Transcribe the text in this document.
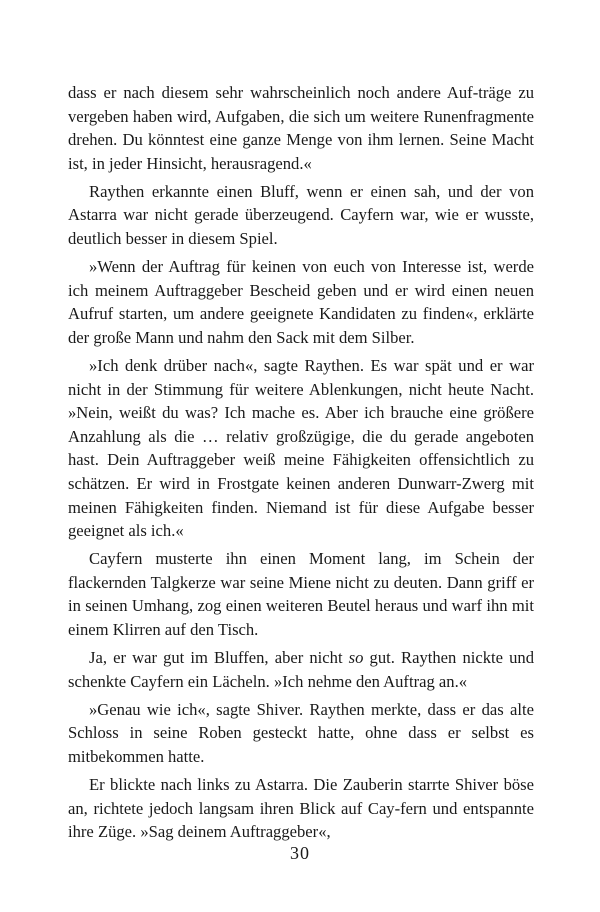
dass er nach diesem sehr wahrscheinlich noch andere Auf-träge zu vergeben haben wird, Aufgaben, die sich um weitere Runenfragmente drehen. Du könntest eine ganze Menge von ihm lernen. Seine Macht ist, in jeder Hinsicht, herausragend.«

Raythen erkannte einen Bluff, wenn er einen sah, und der von Astarra war nicht gerade überzeugend. Cayfern war, wie er wusste, deutlich besser in diesem Spiel.

»Wenn der Auftrag für keinen von euch von Interesse ist, werde ich meinem Auftraggeber Bescheid geben und er wird einen neuen Aufruf starten, um andere geeignete Kandidaten zu finden«, erklärte der große Mann und nahm den Sack mit dem Silber.

»Ich denk drüber nach«, sagte Raythen. Es war spät und er war nicht in der Stimmung für weitere Ablenkungen, nicht heute Nacht. »Nein, weißt du was? Ich mache es. Aber ich brauche eine größere Anzahlung als die … relativ großzügige, die du gerade angeboten hast. Dein Auftraggeber weiß meine Fähigkeiten offensichtlich zu schätzen. Er wird in Frostgate keinen anderen Dunwarr-Zwerg mit meinen Fähigkeiten finden. Niemand ist für diese Aufgabe besser geeignet als ich.«

Cayfern musterte ihn einen Moment lang, im Schein der flackernden Talgkerze war seine Miene nicht zu deuten. Dann griff er in seinen Umhang, zog einen weiteren Beutel heraus und warf ihn mit einem Klirren auf den Tisch.

Ja, er war gut im Bluffen, aber nicht so gut. Raythen nickte und schenkte Cayfern ein Lächeln. »Ich nehme den Auftrag an.«

»Genau wie ich«, sagte Shiver. Raythen merkte, dass er das alte Schloss in seine Roben gesteckt hatte, ohne dass er selbst es mitbekommen hatte.

Er blickte nach links zu Astarra. Die Zauberin starrte Shiver böse an, richtete jedoch langsam ihren Blick auf Cay-fern und entspannte ihre Züge. »Sag deinem Auftraggeber«,

30
